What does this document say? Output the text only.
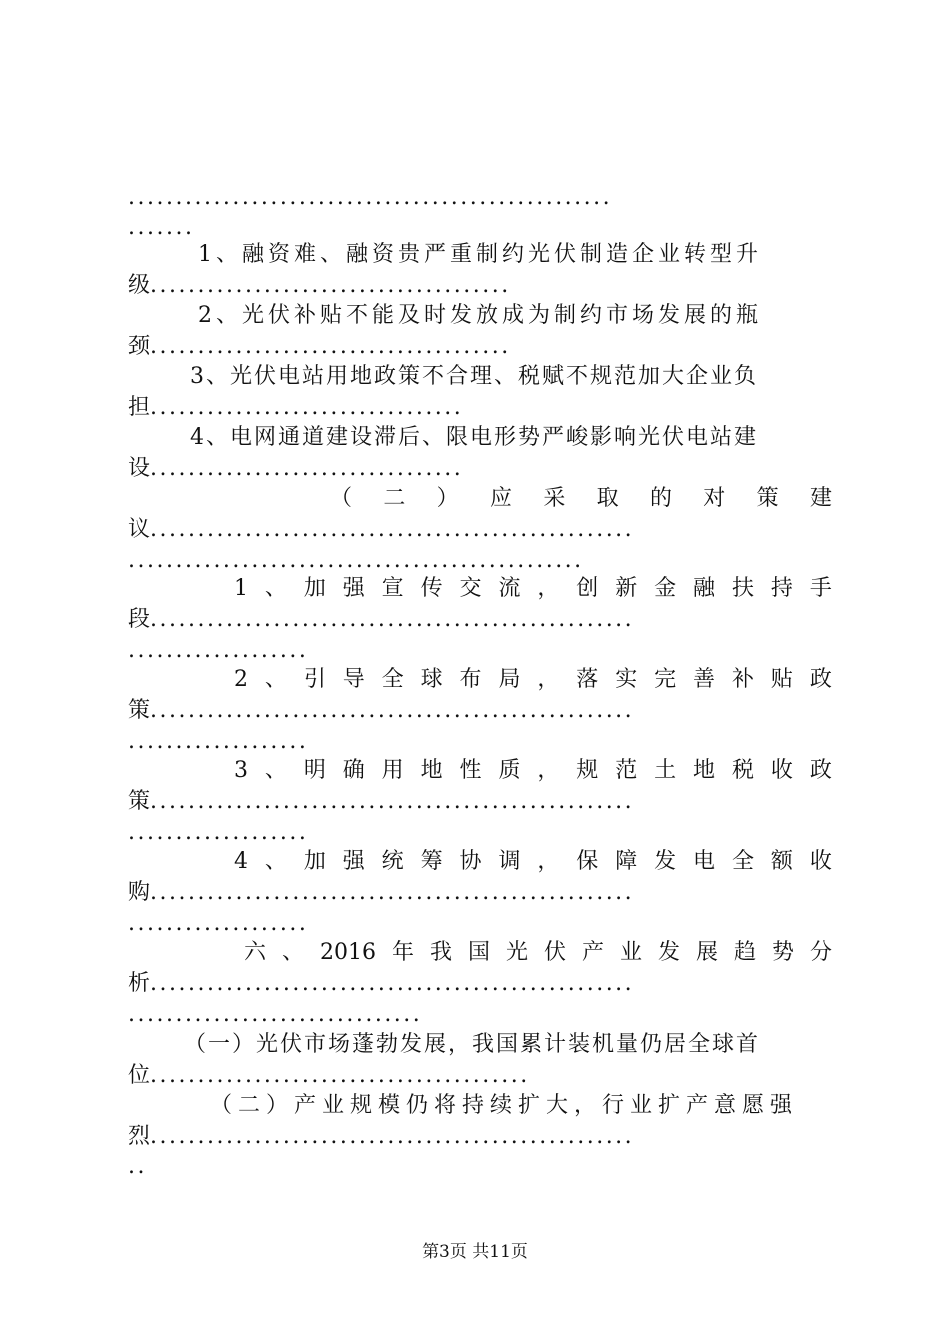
...................................................
.......
1、融资难、融资贵严重制约光伏制造企业转型升
级......................................
2、光伏补贴不能及时发放成为制约市场发展的瓶
颈......................................
3、光伏电站用地政策不合理、税赋不规范加大企业负
担.................................
4、电网通道建设滞后、限电形势严峻影响光伏电站建
设.................................
（ 二 ） 应 采 取 的 对 策 建
议...................................................
................................................
1 、 加 强 宣 传 交 流 ， 创 新 金 融 扶 持 手
段...................................................
...................
2 、 引 导 全 球 布 局 ， 落 实 完 善 补 贴 政
策...................................................
...................
3 、 明 确 用 地 性 质 ， 规 范 土 地 税 收 政
策...................................................
...................
4 、 加 强 统 筹 协 调 ， 保 障 发 电 全 额 收
购...................................................
...................
六 、 2016 年 我 国 光 伏 产 业 发 展 趋 势 分
析...................................................
...............................
（一）光伏市场蓬勃发展，我国累计装机量仍居全球首
位........................................
（二）产业规模仍将持续扩大，行业扩产意愿强
烈...................................................
..
第3页 共11页
